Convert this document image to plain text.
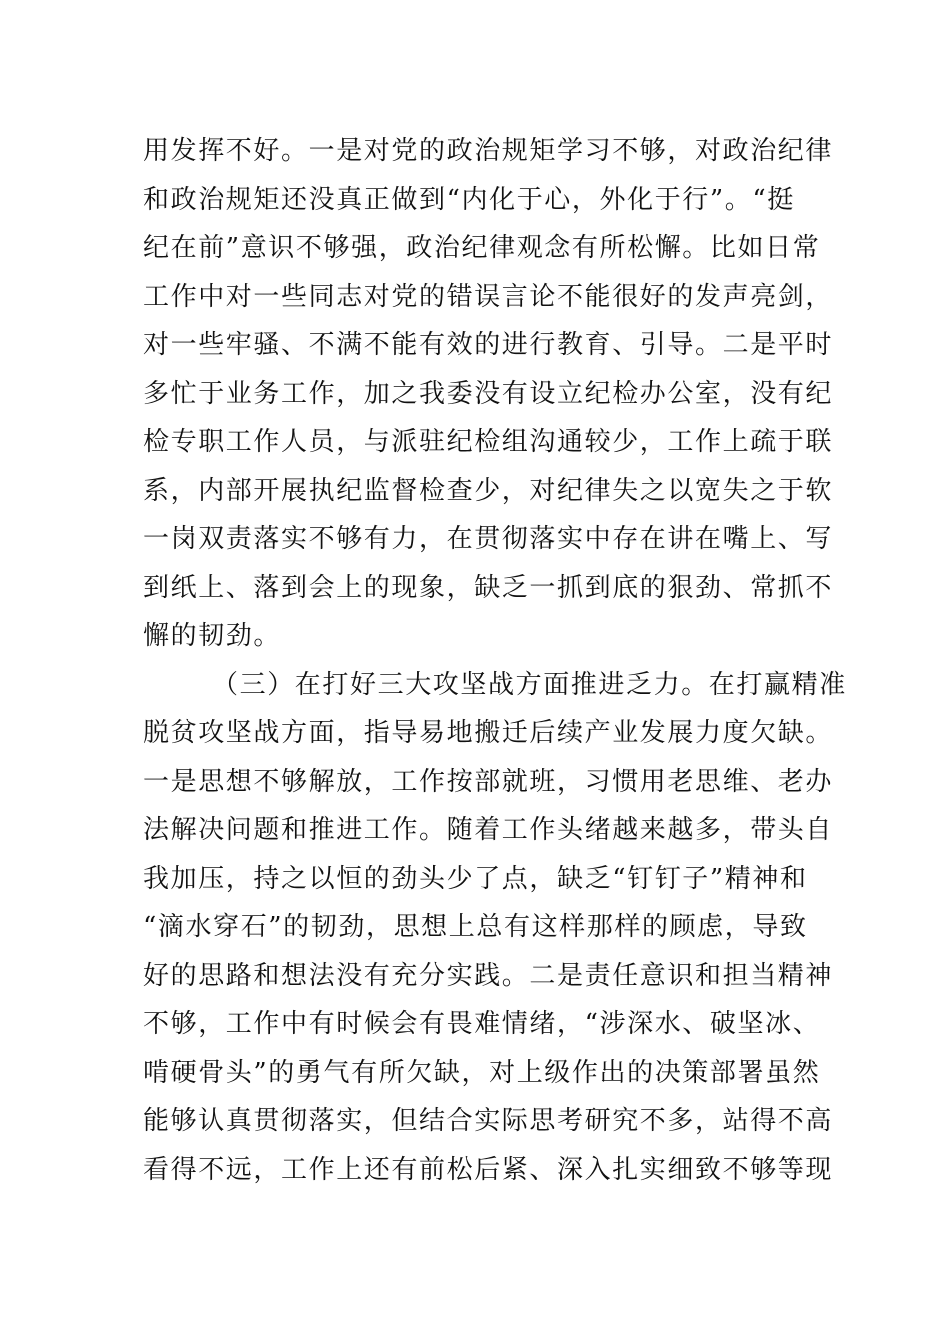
用发挥不好。一是对党的政治规矩学习不够，对政治纪律
和政治规矩还没真正做到“内化于心，外化于行”。“挺
纪在前”意识不够强，政治纪律观念有所松懈。比如日常
工作中对一些同志对党的错误言论不能很好的发声亮剑，
对一些牢骚、不满不能有效的进行教育、引导。二是平时
多忙于业务工作，加之我委没有设立纪检办公室，没有纪
检专职工作人员，与派驻纪检组沟通较少，工作上疏于联
系，内部开展执纪监督检查少，对纪律失之以宽失之于软
一岗双责落实不够有力，在贯彻落实中存在讲在嘴上、写
到纸上、落到会上的现象，缺乏一抓到底的狠劲、常抓不
懈的韧劲。
（三）在打好三大攻坚战方面推进乏力。在打赢精准
脱贫攻坚战方面，指导易地搬迁后续产业发展力度欠缺。
一是思想不够解放，工作按部就班，习惯用老思维、老办
法解决问题和推进工作。随着工作头绪越来越多，带头自
我加压，持之以恒的劲头少了点，缺乏“钉钉子”精神和
“滴水穿石”的韧劲，思想上总有这样那样的顾虑，导致
好的思路和想法没有充分实践。二是责任意识和担当精神
不够，工作中有时候会有畏难情绪，“涉深水、破坚冰、
啃硬骨头”的勇气有所欠缺，对上级作出的决策部署虽然
能够认真贯彻落实，但结合实际思考研究不多，站得不高
看得不远，工作上还有前松后紧、深入扎实细致不够等现
